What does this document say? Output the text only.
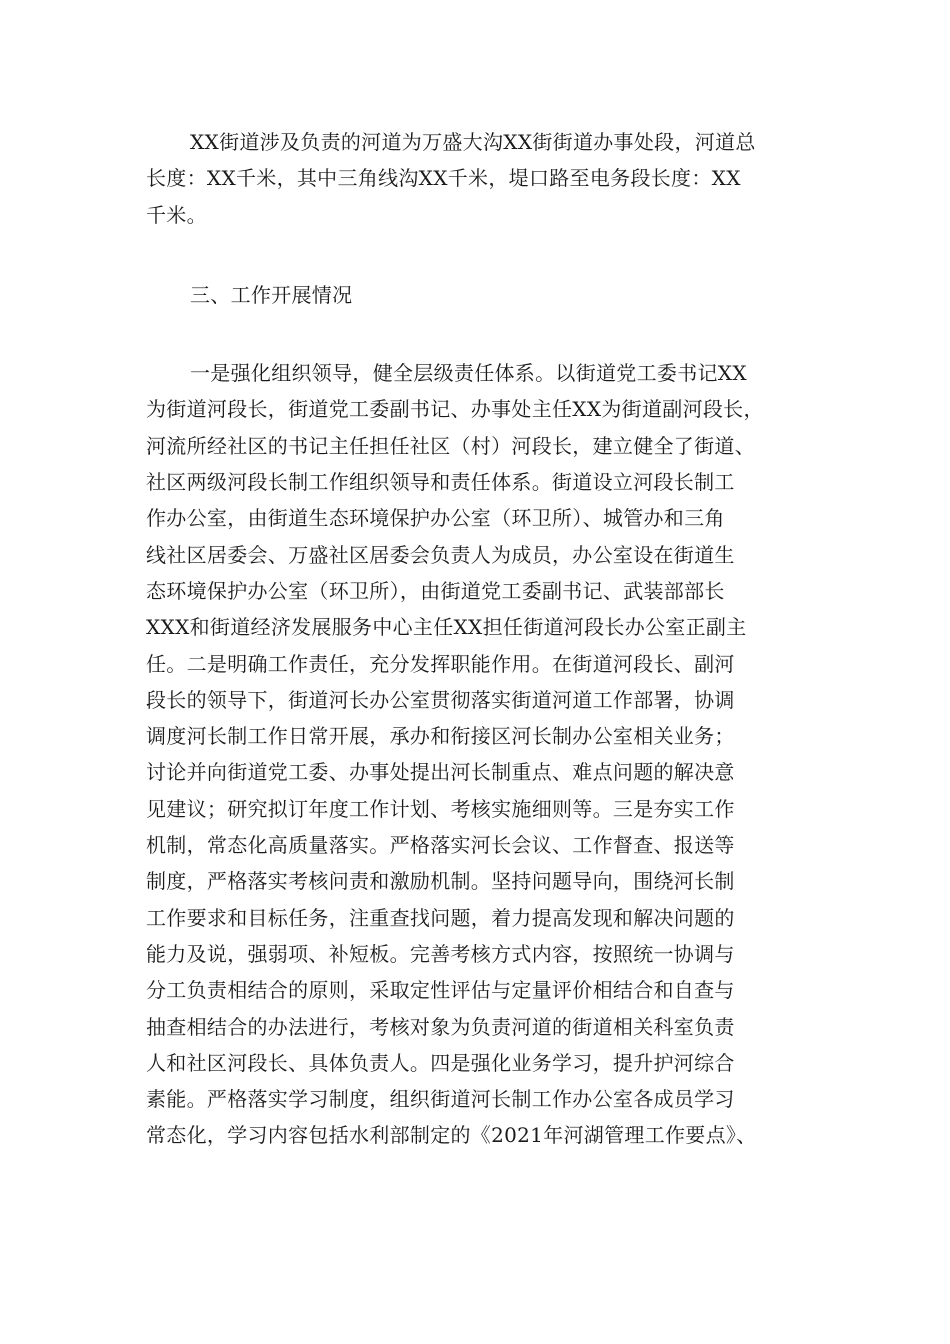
XX街道涉及负责的河道为万盛大沟XX街街道办事处段，河道总
长度：XX千米，其中三角线沟XX千米，堤口路至电务段长度：XX
千米。
三、工作开展情况
一是强化组织领导，健全层级责任体系。以街道党工委书记XX
为街道河段长，街道党工委副书记、办事处主任XX为街道副河段长，
河流所经社区的书记主任担任社区（村）河段长，建立健全了街道、
社区两级河段长制工作组织领导和责任体系。街道设立河段长制工
作办公室，由街道生态环境保护办公室（环卫所）、城管办和三角
线社区居委会、万盛社区居委会负责人为成员，办公室设在街道生
态环境保护办公室（环卫所），由街道党工委副书记、武装部部长
XXX和街道经济发展服务中心主任XX担任街道河段长办公室正副主
任。二是明确工作责任，充分发挥职能作用。在街道河段长、副河
段长的领导下，街道河长办公室贯彻落实街道河道工作部署，协调
调度河长制工作日常开展，承办和衔接区河长制办公室相关业务；
讨论并向街道党工委、办事处提出河长制重点、难点问题的解决意
见建议；研究拟订年度工作计划、考核实施细则等。三是夯实工作
机制，常态化高质量落实。严格落实河长会议、工作督查、报送等
制度，严格落实考核问责和激励机制。坚持问题导向，围绕河长制
工作要求和目标任务，注重查找问题，着力提高发现和解决问题的
能力及说，强弱项、补短板。完善考核方式内容，按照统一协调与
分工负责相结合的原则，采取定性评估与定量评价相结合和自查与
抽查相结合的办法进行，考核对象为负责河道的街道相关科室负责
人和社区河段长、具体负责人。四是强化业务学习，提升护河综合
素能。严格落实学习制度，组织街道河长制工作办公室各成员学习
常态化，学习内容包括水利部制定的《2021年河湖管理工作要点》、
